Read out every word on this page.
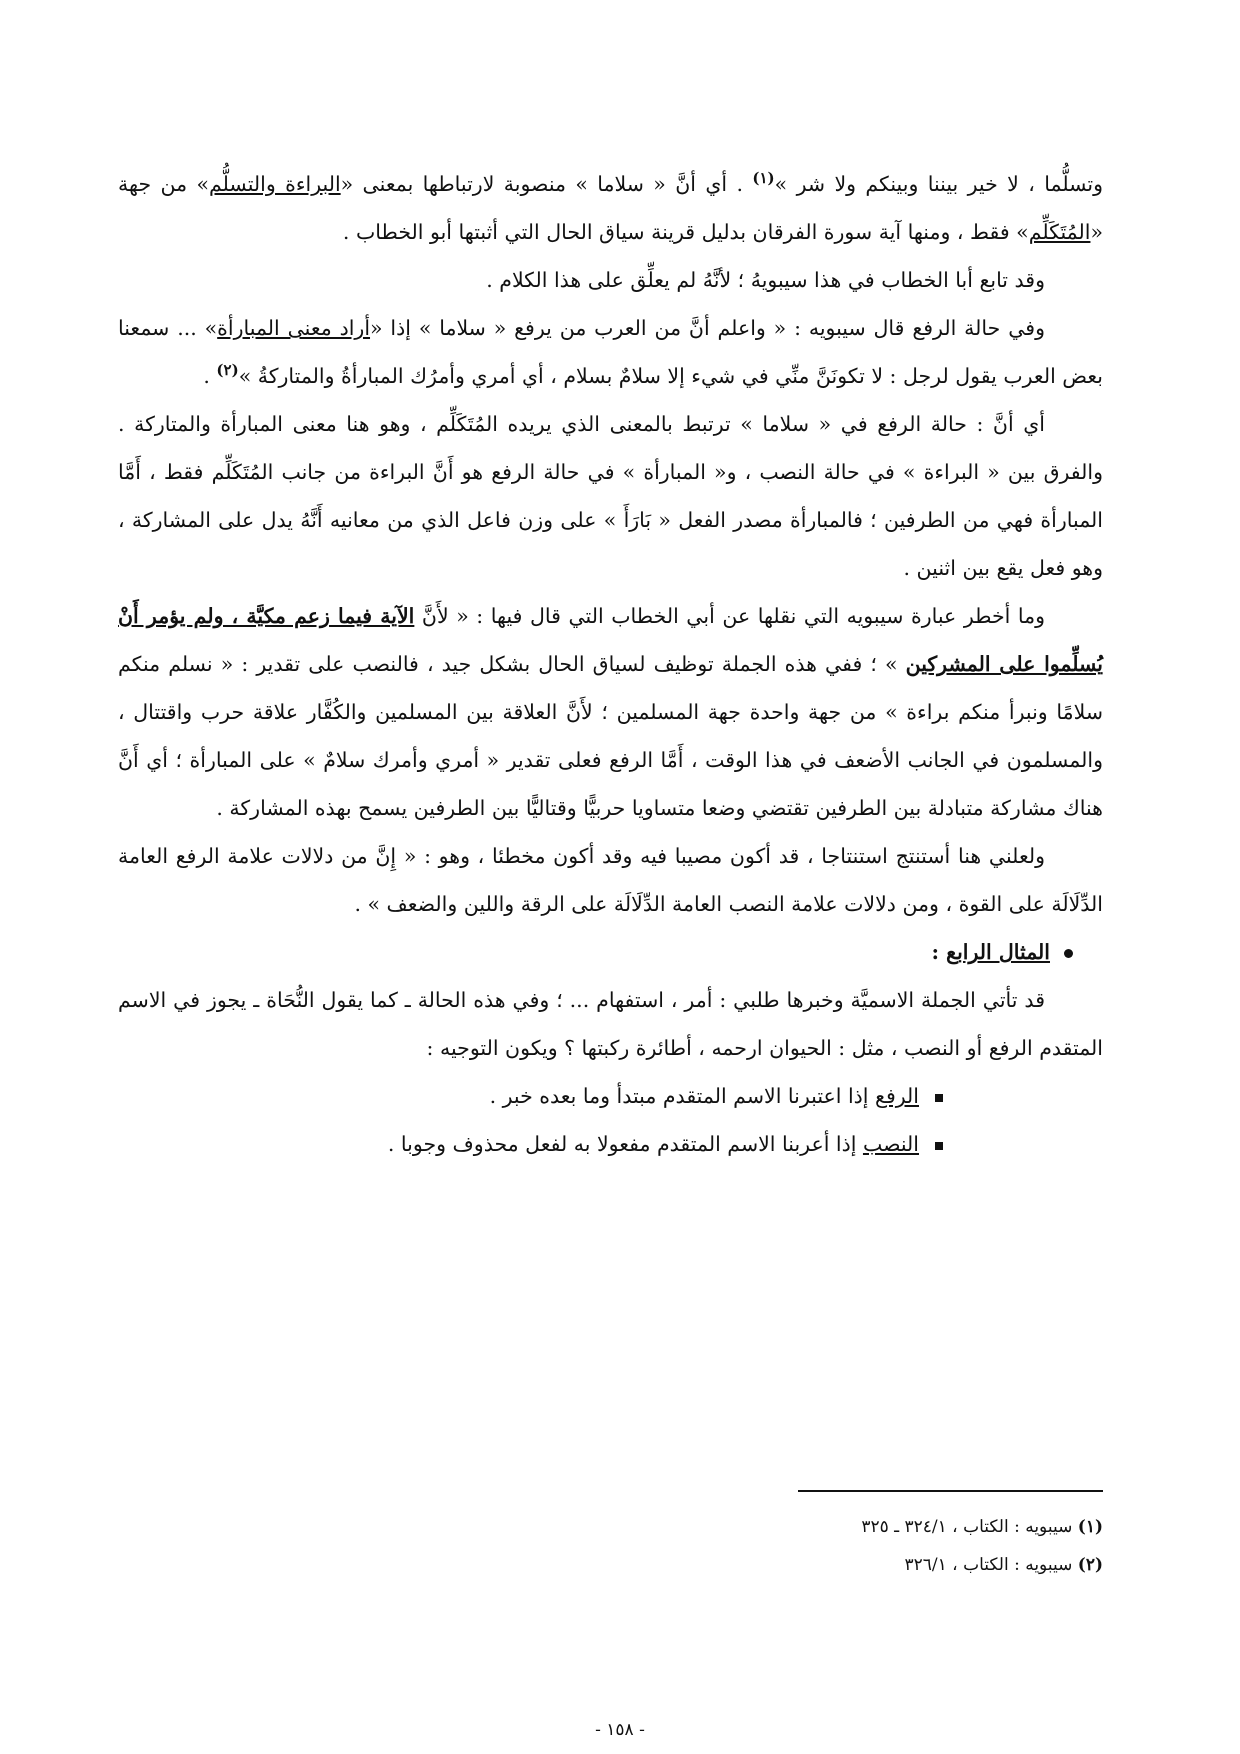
وتسلُّما ، لا خير بيننا وبينكم ولا شر »$^{(١)}$ . أي أنَّ « سلاما » منصوبة لارتباطها بمعنى «البراءة والتسلُّم» من جهة «المُتَكَلِّم» فقط ، ومنها آية سورة الفرقان بدليل قرينة سياق الحال التي أثبتها أبو الخطاب .

وقد تابع أبا الخطاب في هذا سيبويهُ ؛ لأنَّهُ لم يعلِّق على هذا الكلام .

وفي حالة الرفع قال سيبويه : « واعلم أنَّ من العرب من يرفع « سلاما » إذا «أراد معنى المبارأة» ... سمعنا بعض العرب يقول لرجل : لا تكونَنَّ منِّي في شيء إلا سلامٌ بسلام ، أي أمري وأمرُك المبارأةُ والمتاركةُ »$^{(٢)}$ .

أي أنَّ : حالة الرفع في « سلاما » ترتبط بالمعنى الذي يريده المُتَكَلِّم ، وهو هنا معنى المبارأة والمتاركة . والفرق بين « البراءة » في حالة النصب ، و« المبارأة » في حالة الرفع هو أَنَّ البراءة من جانب المُتَكَلِّم فقط ، أَمَّا المبارأة فهي من الطرفين ؛ فالمبارأة مصدر الفعل « بَارَأَ » على وزن فاعل الذي من معانيه أَنَّهُ يدل على المشاركة ، وهو فعل يقع بين اثنين .

وما أخطر عبارة سيبويه التي نقلها عن أبي الخطاب التي قال فيها : « لأَنَّ الآية فيما زعم مكيَّة ، ولم يؤمر أَنْ يُسلِّموا على المشركين » ؛ ففي هذه الجملة توظيف لسياق الحال بشكل جيد ، فالنصب على تقدير : « نسلم منكم سلامًا ونبرأ منكم براءة » من جهة واحدة جهة المسلمين ؛ لأَنَّ العلاقة بين المسلمين والكُفَّار علاقة حرب واقتتال ، والمسلمون في الجانب الأضعف في هذا الوقت ، أَمَّا الرفع فعلى تقدير « أمري وأمرك سلامٌ » على المبارأة ؛ أي أَنَّ هناك مشاركة متبادلة بين الطرفين تقتضي وضعا متساويا حربيًّا وقتاليًّا بين الطرفين يسمح بهذه المشاركة .

ولعلني هنا أستنتج استنتاجا ، قد أكون مصيبا فيه وقد أكون مخطئا ، وهو : « إِنَّ من دلالات علامة الرفع العامة الدِّلَالَة على القوة ، ومن دلالات علامة النصب العامة الدِّلَالَة على الرقة واللين والضعف » .

المثال الرابع :

قد تأتي الجملة الاسميَّة وخبرها طلبي : أمر ، استفهام ... ؛ وفي هذه الحالة ـ كما يقول النُّحَاة ـ يجوز في الاسم المتقدم الرفع أو النصب ، مثل : الحيوان ارحمه ، أطائرة ركبتها ؟ ويكون التوجيه :

الرفع إذا اعتبرنا الاسم المتقدم مبتدأ وما بعده خبر .

النصب إذا أعربنا الاسم المتقدم مفعولا به لفعل محذوف وجوبا .

(١) سيبويه : الكتاب ، ٣٢٤/١ ـ ٣٢٥

(٢) سيبويه : الكتاب ، ٣٢٦/١

- ١٥٨ -
